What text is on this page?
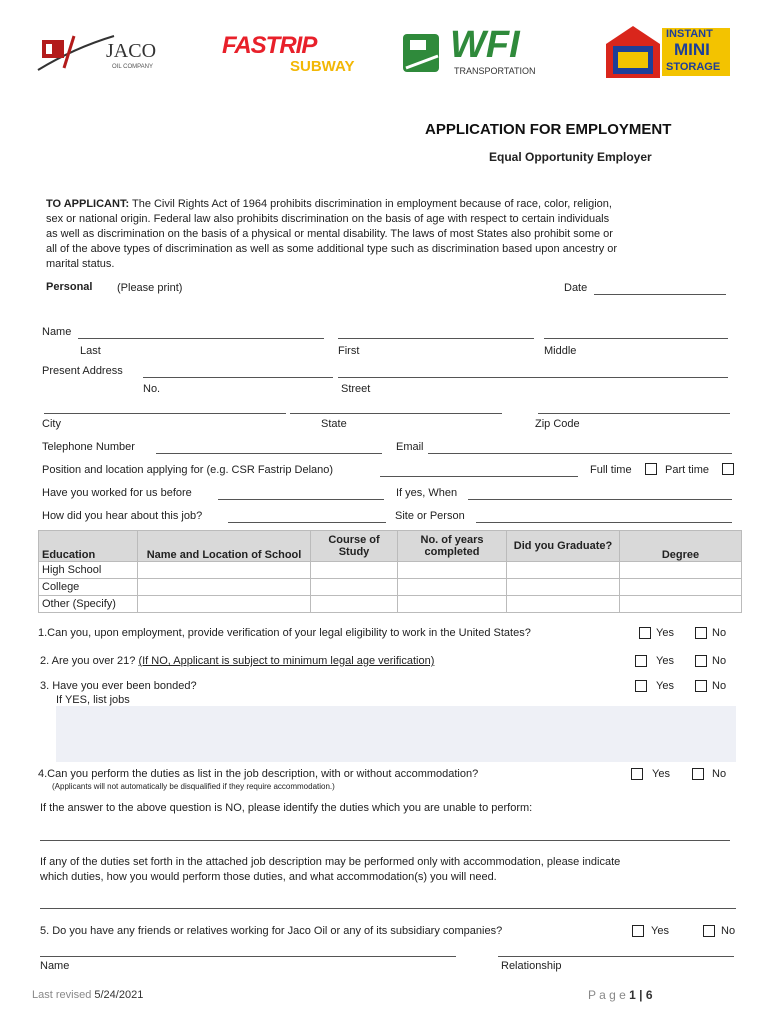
JACO
OIL COMPANY
FASTRIP
SUBWAY
WFI
TRANSPORTATION
INSTANT
MINI
STORAGE
APPLICATION FOR EMPLOYMENT
Equal Opportunity Employer
TO APPLICANT: The Civil Rights Act of 1964 prohibits discrimination in employment because of race, color, religion,
sex or national origin. Federal law also prohibits discrimination on the basis of age with respect to certain individuals
as well as discrimination on the basis of a physical or mental disability. The laws of most States also prohibit some or
all of the above types of discrimination as well as some additional type such as discrimination based upon ancestry or
marital status.
Personal (Please print)	Date
Name
Last	First	Middle
Present Address
No.	Street
City	State	Zip Code
Telephone Number	Email
Position and location applying for (e.g. CSR Fastrip Delano)	Full time	Part time
Have you worked for us before	If yes, When
How did you hear about this job?	Site or Person
Education	Name and Location of School	Course of Study	No. of years completed	Did you Graduate?	Degree
High School					
College					
Other (Specify)					
1.Can you, upon employment, provide verification of your legal eligibility to work in the United States?	Yes	No
2. Are you over 21? (If NO, Applicant is subject to minimum legal age verification)	Yes	No
3. Have you ever been bonded?
If YES, list jobs
Yes	No
4.Can you perform the duties as list in the job description, with or without accommodation?
(Applicants will not automatically be disqualified if they require accommodation.)
Yes	No
If the answer to the above question is NO, please identify the duties which you are unable to perform:
If any of the duties set forth in the attached job description may be performed only with accommodation, please indicate
which duties, how you would perform those duties, and what accommodation(s) you will need.
5. Do you have any friends or relatives working for Jaco Oil or any of its subsidiary companies?	Yes	No
Name	Relationship
Last revised 5/24/2021	P a g e 1 | 6
